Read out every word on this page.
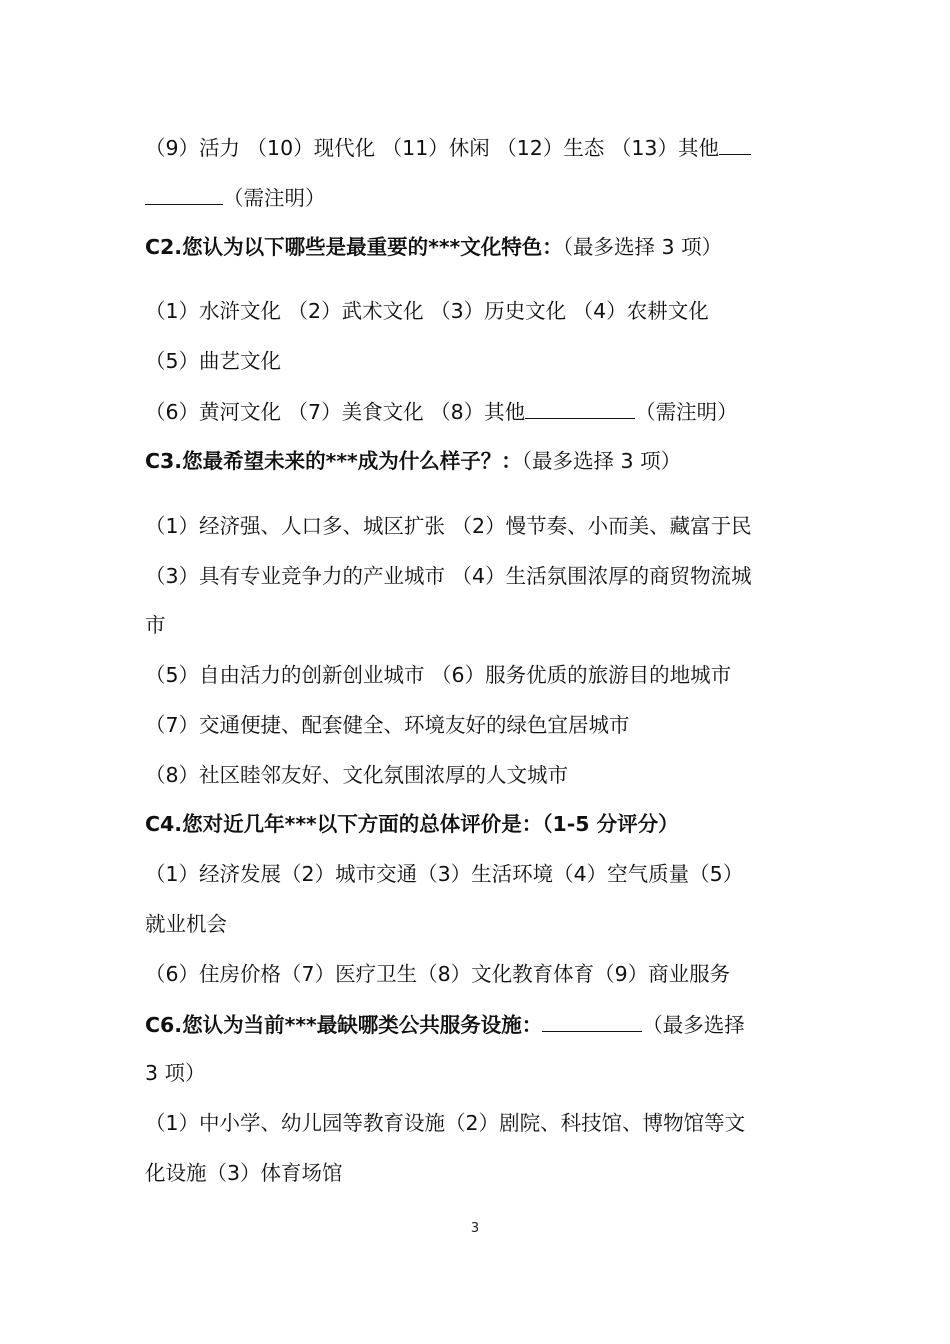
（9）活力 （10）现代化 （11）休闲 （12）生态 （13）其他
（需注明）
C2.您认为以下哪些是最重要的***文化特色：（最多选择 3 项）
（1）水浒文化 （2）武术文化 （3）历史文化 （4）农耕文化
（5）曲艺文化
（6）黄河文化 （7）美食文化 （8）其他	（需注明）
C3.您最希望未来的***成为什么样子？：（最多选择 3 项）
（1）经济强、人口多、城区扩张 （2）慢节奏、小而美、藏富于民
（3）具有专业竞争力的产业城市 （4）生活氛围浓厚的商贸物流城
市
（5）自由活力的创新创业城市 （6）服务优质的旅游目的地城市
（7）交通便捷、配套健全、环境友好的绿色宜居城市
（8）社区睦邻友好、文化氛围浓厚的人文城市
C4.您对近几年***以下方面的总体评价是：（1-5 分评分）
（1）经济发展（2）城市交通（3）生活环境（4）空气质量（5）
就业机会
（6）住房价格（7）医疗卫生（8）文化教育体育（9）商业服务
C6.您认为当前***最缺哪类公共服务设施：	（最多选择
3 项）
（1）中小学、幼儿园等教育设施（2）剧院、科技馆、博物馆等文
化设施（3）体育场馆
3
